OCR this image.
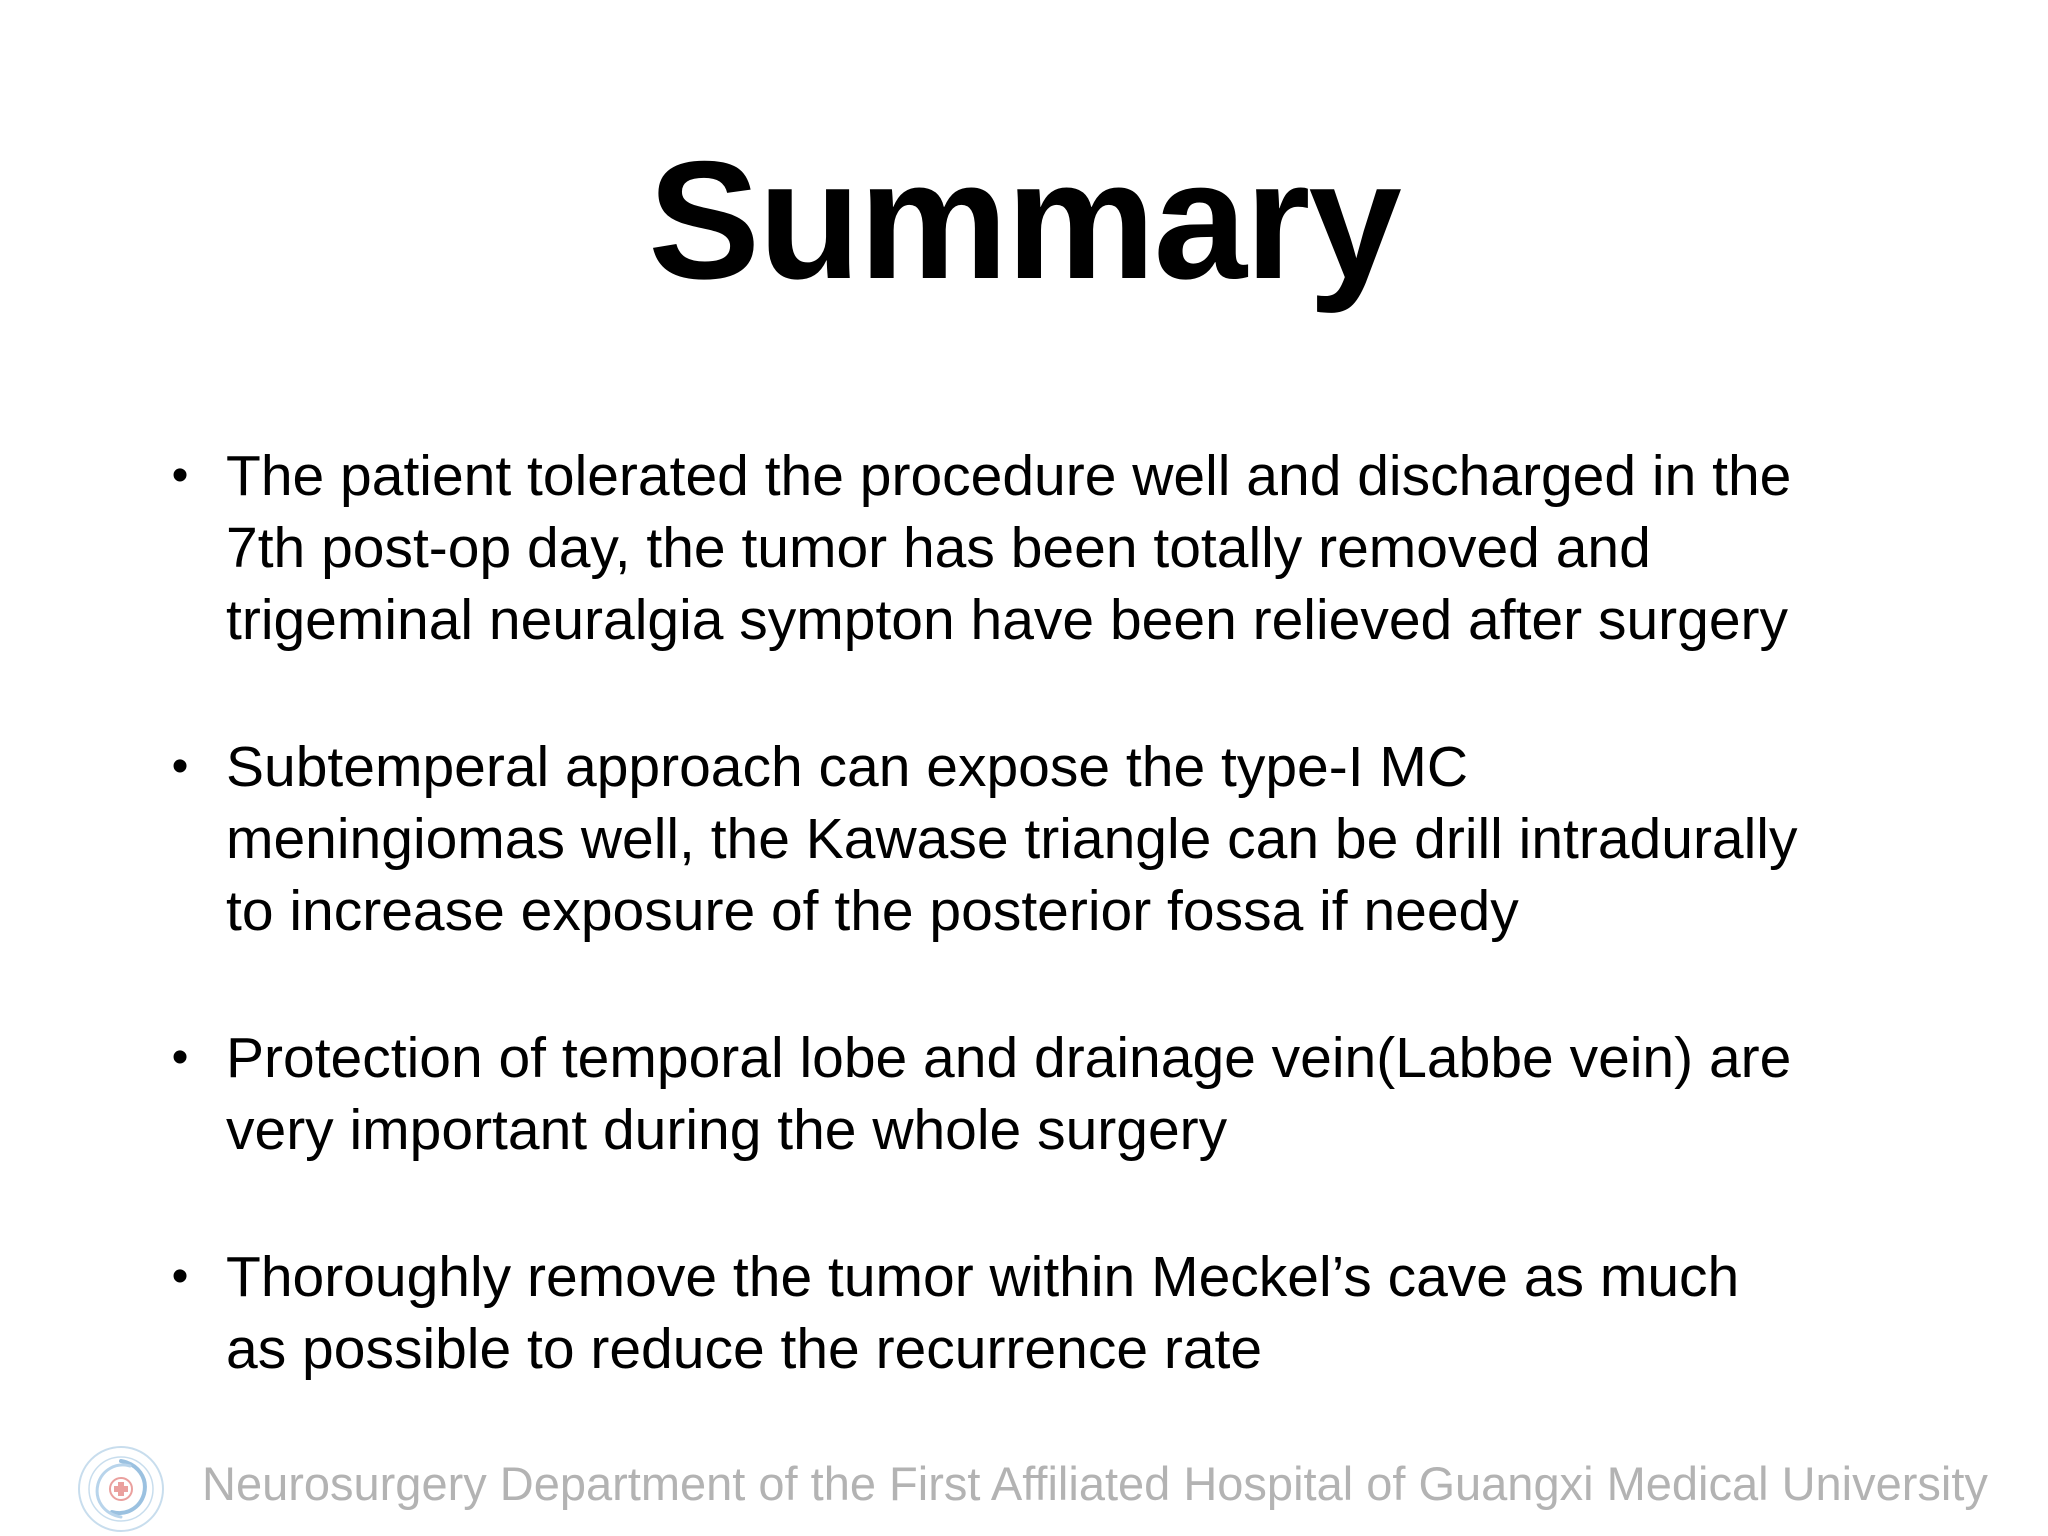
Summary
• The patient tolerated the procedure well and discharged in the
7th post-op day, the tumor has been totally removed and
trigeminal neuralgia sympton have been relieved after surgery
• Subtemperal approach can expose the type-I MC
meningiomas well, the Kawase triangle can be drill intradurally
to increase exposure of the posterior fossa if needy
• Protection of temporal lobe and drainage vein(Labbe vein) are
very important during the whole surgery
• Thoroughly remove the tumor within Meckel’s cave as much
as possible to reduce the recurrence rate
Neurosurgery Department of the First Affiliated Hospital of Guangxi Medical University
